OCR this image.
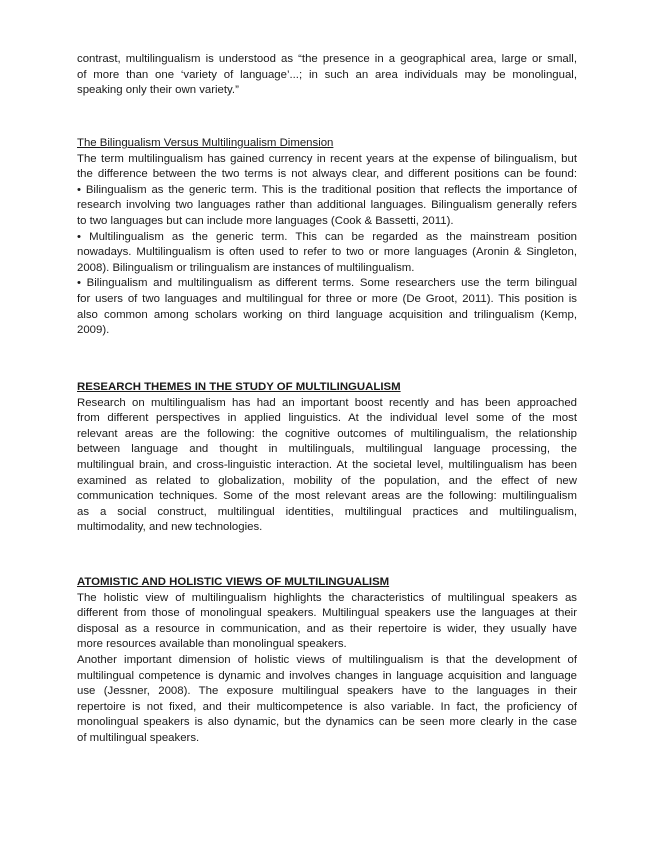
contrast, multilingualism is understood as “the presence in a geographical area, large or small,
of more than one ‘variety of language’...; in such an area individuals may be monolingual,
speaking only their own variety.”
The Bilingualism Versus Multilingualism Dimension
The term multilingualism has gained currency in recent years at the expense of bilingualism, but
the difference between the two terms is not always clear, and different positions can be found:
• Bilingualism as the generic term. This is the traditional position that reflects the importance of
research involving two languages rather than additional languages. Bilingualism generally refers
to two languages but can include more languages (Cook & Bassetti, 2011).
• Multilingualism as the generic term. This can be regarded as the mainstream position
nowadays. Multilingualism is often used to refer to two or more languages (Aronin & Singleton,
2008). Bilingualism or trilingualism are instances of multilingualism.
• Bilingualism and multilingualism as different terms. Some researchers use the term bilingual
for users of two languages and multilingual for three or more (De Groot, 2011). This position is
also common among scholars working on third language acquisition and trilingualism (Kemp,
2009).
RESEARCH THEMES IN THE STUDY OF MULTILINGUALISM
Research on multilingualism has had an important boost recently and has been approached
from different perspectives in applied linguistics. At the individual level some of the most
relevant areas are the following: the cognitive outcomes of multilingualism, the relationship
between language and thought in multilinguals, multilingual language processing, the
multilingual brain, and cross-linguistic interaction. At the societal level, multilingualism has been
examined as related to globalization, mobility of the population, and the effect of new
communication techniques. Some of the most relevant areas are the following: multilingualism
as a social construct, multilingual identities, multilingual practices and multilingualism,
multimodality, and new technologies.
ATOMISTIC AND HOLISTIC VIEWS OF MULTILINGUALISM
The holistic view of multilingualism highlights the characteristics of multilingual speakers as
different from those of monolingual speakers. Multilingual speakers use the languages at their
disposal as a resource in communication, and as their repertoire is wider, they usually have
more resources available than monolingual speakers.
Another important dimension of holistic views of multilingualism is that the development of
multilingual competence is dynamic and involves changes in language acquisition and language
use (Jessner, 2008). The exposure multilingual speakers have to the languages in their
repertoire is not fixed, and their multicompetence is also variable. In fact, the proficiency of
monolingual speakers is also dynamic, but the dynamics can be seen more clearly in the case
of multilingual speakers.
